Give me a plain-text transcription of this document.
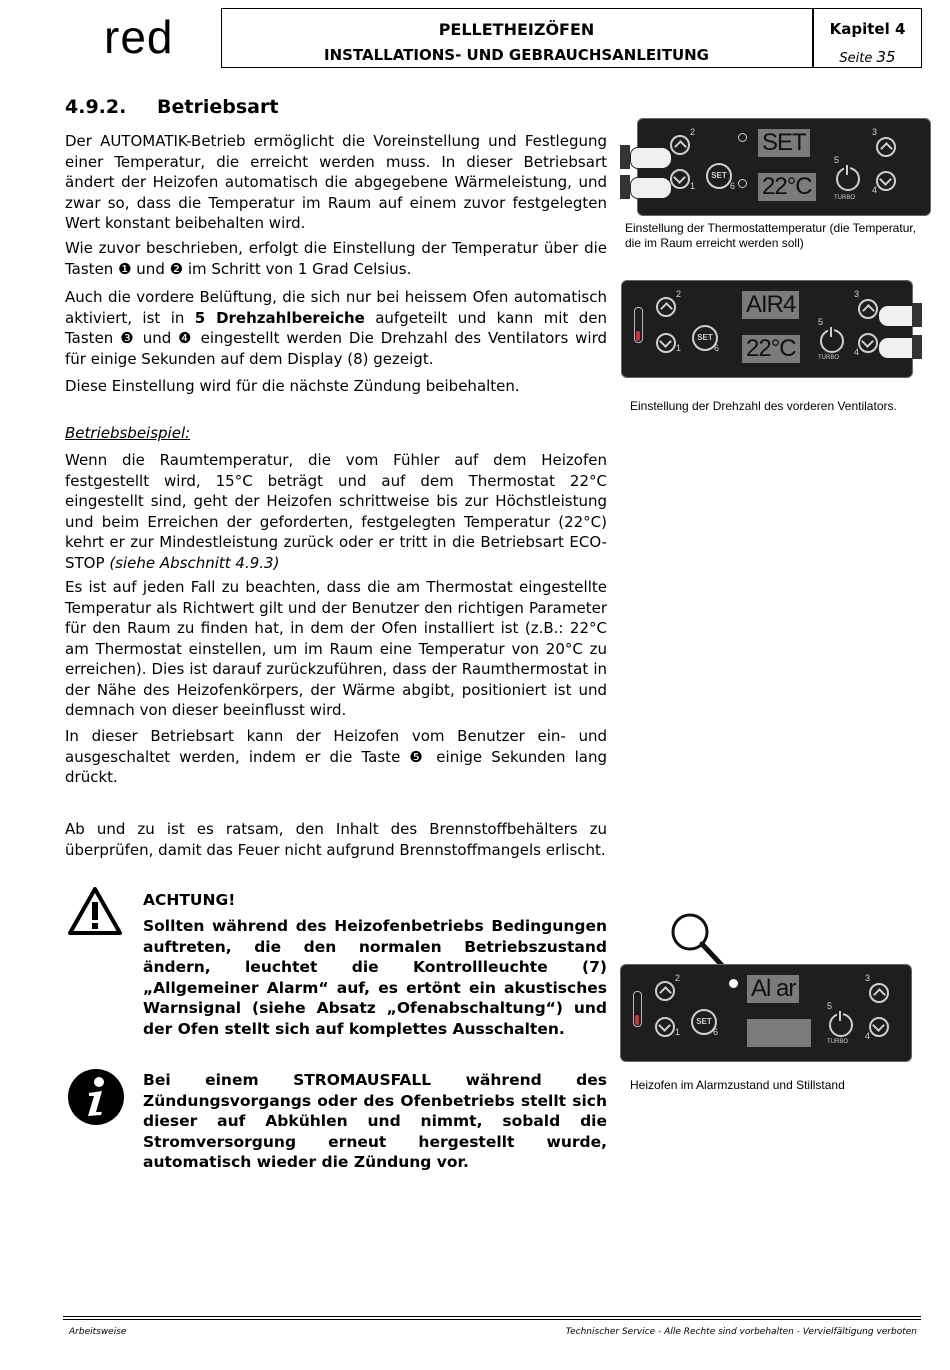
red	PELLETHEIZÖFEN
INSTALLATIONS- UND GEBRAUCHSANLEITUNG
Kapitel 4
Seite 35
4.9.2. Betriebsart
Der AUTOMATIK-Betrieb ermöglicht die Voreinstellung und Festlegung einer Temperatur, die erreicht werden muss. In dieser Betriebsart ändert der Heizofen automatisch die abgegebene Wärmeleistung, und zwar so, dass die Temperatur im Raum auf einem zuvor festgelegten Wert konstant beibehalten wird.
Wie zuvor beschrieben, erfolgt die Einstellung der Temperatur über die Tasten ❶ und ❷ im Schritt von 1 Grad Celsius.
Auch die vordere Belüftung, die sich nur bei heissem Ofen automatisch aktiviert, ist in 5 Drehzahlbereiche aufgeteilt und kann mit den Tasten ❸ und ❹ eingestellt werden Die Drehzahl des Ventilators wird für einige Sekunden auf dem Display (8) gezeigt.
Diese Einstellung wird für die nächste Zündung beibehalten.
Betriebsbeispiel:
Wenn die Raumtemperatur, die vom Fühler auf dem Heizofen festgestellt wird, 15°C beträgt und auf dem Thermostat 22°C eingestellt sind, geht der Heizofen schrittweise bis zur Höchstleistung und beim Erreichen der geforderten, festgelegten Temperatur (22°C) kehrt er zur Mindestleistung zurück oder er tritt in die Betriebsart ECO-STOP (siehe Abschnitt 4.9.3)
Es ist auf jeden Fall zu beachten, dass die am Thermostat eingestellte Temperatur als Richtwert gilt und der Benutzer den richtigen Parameter für den Raum zu finden hat, in dem der Ofen installiert ist (z.B.: 22°C am Thermostat einstellen, um im Raum eine Temperatur von 20°C zu erreichen). Dies ist darauf zurückzuführen, dass der Raumthermostat in der Nähe des Heizofenkörpers, der Wärme abgibt, positioniert ist und demnach von dieser beeinflusst wird.
In dieser Betriebsart kann der Heizofen vom Benutzer ein- und ausgeschaltet werden, indem er die Taste ❺ einige Sekunden lang drückt.
Ab und zu ist es ratsam, den Inhalt des Brennstoffbehälters zu überprüfen, damit das Feuer nicht aufgrund Brennstoffmangels erlischt.
ACHTUNG!
Sollten während des Heizofenbetriebs Bedingungen auftreten, die den normalen Betriebszustand ändern, leuchtet die Kontrollleuchte (7) „Allgemeiner Alarm“ auf, es ertönt ein akustisches Warnsignal (siehe Absatz „Ofenabschaltung“) und der Ofen stellt sich auf komplettes Ausschalten.
Bei einem STROMAUSFALL während des Zündungsvorgangs oder des Ofenbetriebs stellt sich dieser auf Abkühlen und nimmt, sobald die Stromversorgung erneut hergestellt wurde, automatisch wieder die Zündung vor.
2
1
SET
6
SET
22°C
5
TURBO
3
4
Einstellung der Thermostattemperatur (die Temperatur, die im Raum erreicht werden soll)
2
1
SET
6
AIR4
22°C
5
TURBO
3
4
Einstellung der Drehzahl des vorderen Ventilators.
2
1
SET
6
Al ar
5
TURBO
3
4
Heizofen im Alarmzustand und Stillstand
Arbeitsweise	Technischer Service - Alle Rechte sind vorbehalten - Vervielfältigung verboten
